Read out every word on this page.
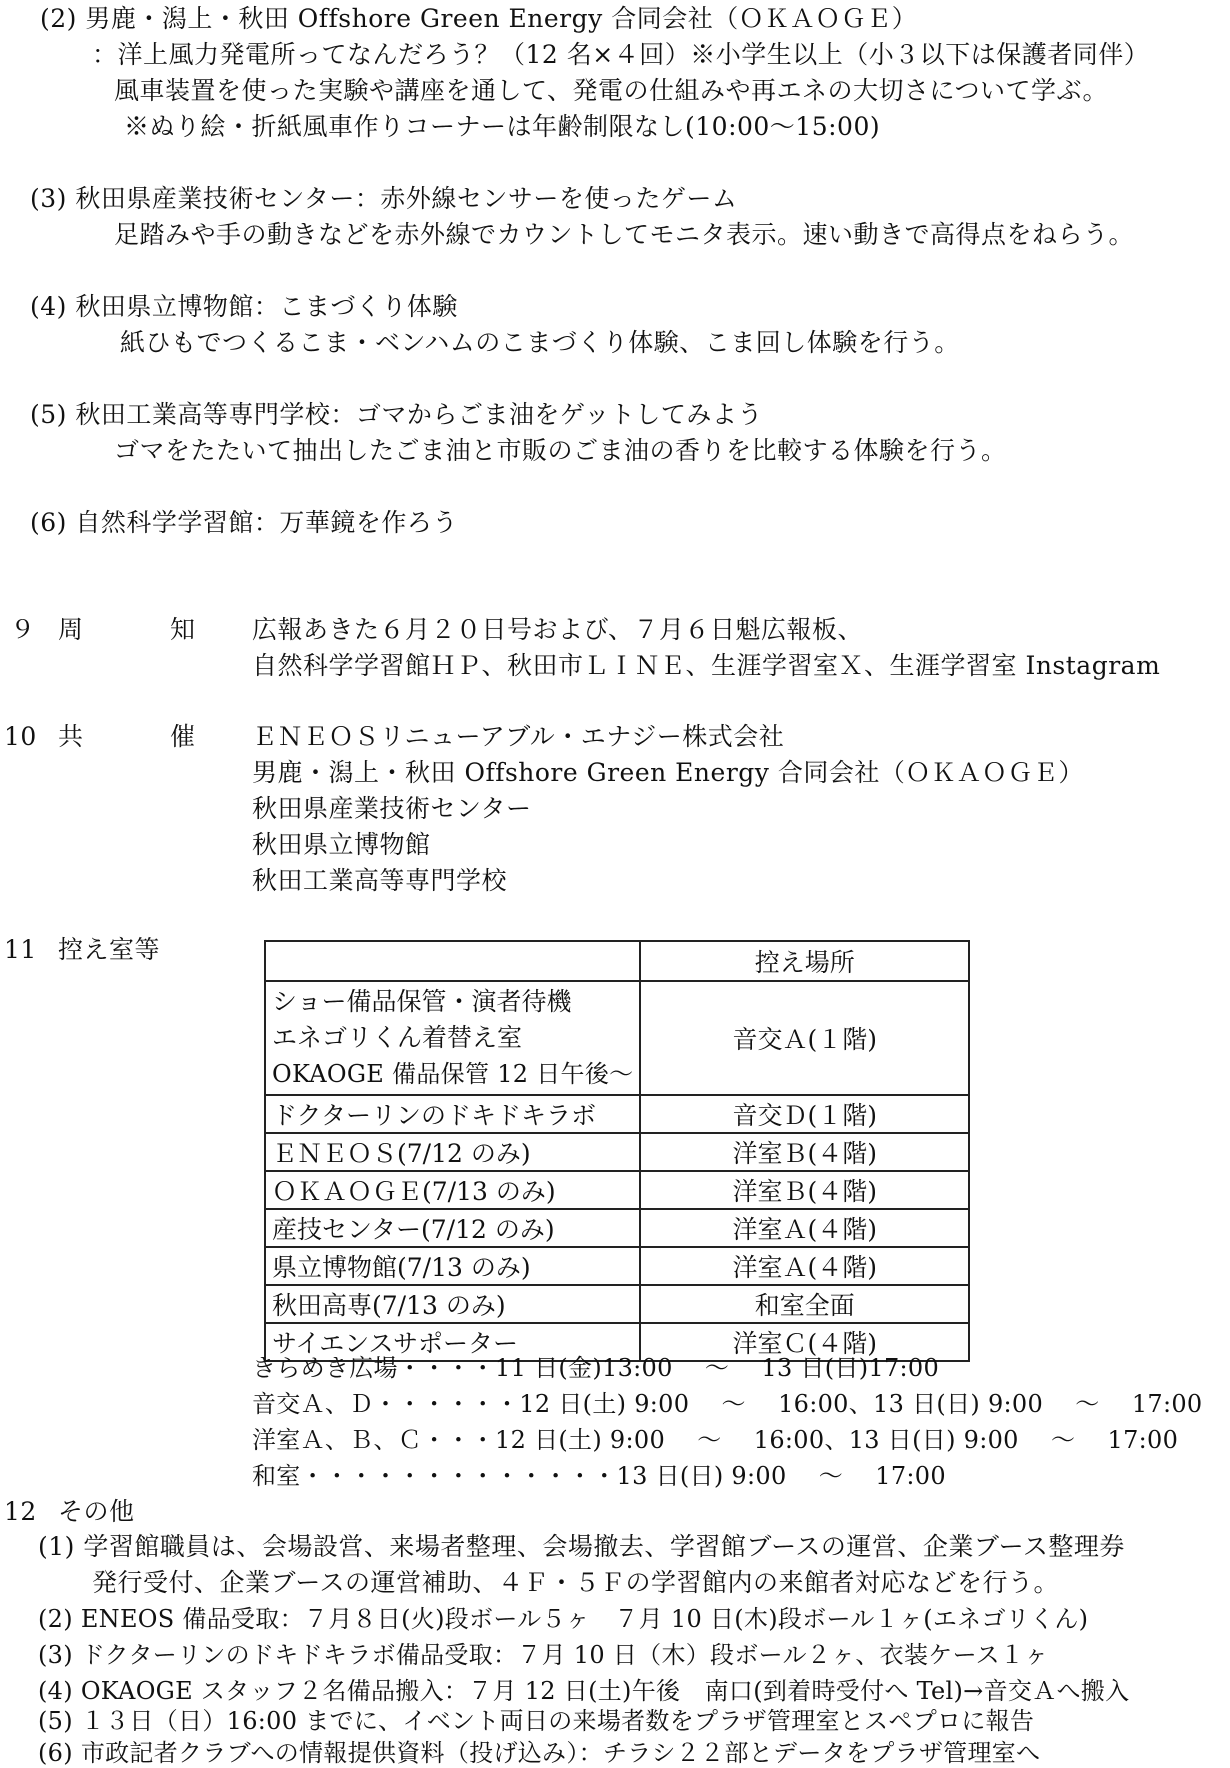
(2) 男鹿・潟上・秋田 Offshore Green Energy 合同会社（ＯＫＡＯＧＥ）
：洋上風力発電所ってなんだろう？（12 名×４回）※小学生以上（小３以下は保護者同伴）
風車装置を使った実験や講座を通して、発電の仕組みや再エネの大切さについて学ぶ。
※ぬり絵・折紙風車作りコーナーは年齢制限なし(10:00～15:00)
(3) 秋田県産業技術センター：赤外線センサーを使ったゲーム
足踏みや手の動きなどを赤外線でカウントしてモニタ表示。速い動きで高得点をねらう。
(4) 秋田県立博物館：こまづくり体験
紙ひもでつくるこま・ベンハムのこまづくり体験、こま回し体験を行う。
(5) 秋田工業高等専門学校：ゴマからごま油をゲットしてみよう
ゴマをたたいて抽出したごま油と市販のごま油の香りを比較する体験を行う。
(6) 自然科学学習館：万華鏡を作ろう
９ 周	知 広報あきた６月２０日号および、７月６日魁広報板、
自然科学学習館ＨＰ、秋田市ＬＩＮＥ、生涯学習室Ｘ、生涯学習室 Instagram
10 共	催 ＥＮＥＯＳリニューアブル・エナジー株式会社
男鹿・潟上・秋田 Offshore Green Energy 合同会社（ＯＫＡＯＧＥ）
秋田県産業技術センター
秋田県立博物館
秋田工業高等専門学校
11 控え室等
		控え場所

ショー備品保管・演者待機
エネゴリくん着替え室
OKAOGE 備品保管 12 日午後～	音交Ａ(１階)
ドクターリンのドキドキラボ	音交Ｄ(１階)
ＥＮＥＯＳ(7/12 のみ)	洋室Ｂ(４階)
ＯＫＡＯＧＥ(7/13 のみ)	洋室Ｂ(４階)
産技センター(7/12 のみ)	洋室Ａ(４階)
県立博物館(7/13 のみ)	洋室Ａ(４階)
秋田高専(7/13 のみ)	和室全面
サイエンスサポーター	洋室Ｃ(４階)
きらめき広場・・・・11 日(金)13:00　 ～　 13 日(日)17:00
音交Ａ、Ｄ・・・・・・12 日(土) 9:00　 ～　 16:00、13 日(日) 9:00　 ～　 17:00
洋室Ａ、Ｂ、Ｃ・・・12 日(土) 9:00　 ～　 16:00、13 日(日) 9:00　 ～　 17:00
和室・・・・・・・・・・・・・13 日(日) 9:00　 ～　 17:00
12 その他
(1) 学習館職員は、会場設営、来場者整理、会場撤去、学習館ブースの運営、企業ブース整理券
発行受付、企業ブースの運営補助、４Ｆ・５Ｆの学習館内の来館者対応などを行う。
(2) ENEOS 備品受取：７月８日(火)段ボール５ヶ　７月 10 日(木)段ボール１ヶ(エネゴリくん)
(3) ドクターリンのドキドキラボ備品受取：７月 10 日（木）段ボール２ヶ、衣装ケース１ヶ
(4) OKAOGE スタッフ２名備品搬入：７月 12 日(土)午後　南口(到着時受付へ Tel)→音交Ａへ搬入
(5) １３日（日）16:00 までに、イベント両日の来場者数をプラザ管理室とスペプロに報告
(6) 市政記者クラブへの情報提供資料（投げ込み）：チラシ２２部とデータをプラザ管理室へ
